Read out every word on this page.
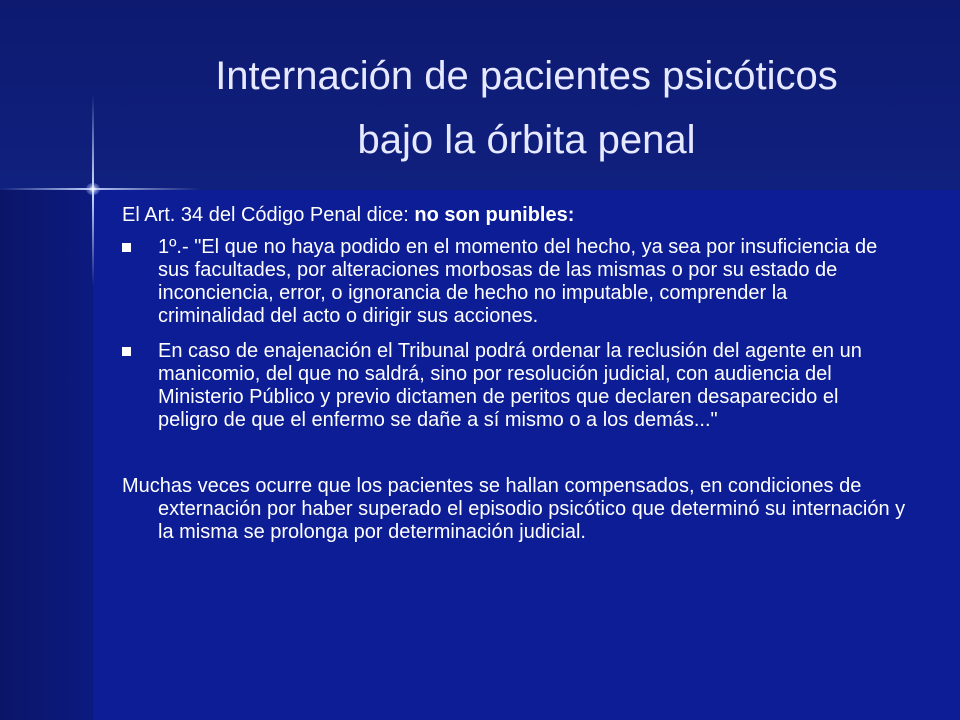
Internación de pacientes psicóticos
bajo la órbita penal

El Art. 34 del Código Penal dice: no son punibles:

1º.- "El que no haya podido en el momento del hecho, ya sea por insuficiencia de sus facultades, por alteraciones morbosas de las mismas o por su estado de inconciencia, error, o ignorancia de hecho no imputable, comprender la criminalidad del acto o dirigir sus acciones.
En caso de enajenación el Tribunal podrá ordenar la reclusión del agente en un manicomio, del que no saldrá, sino por resolución judicial, con audiencia del Ministerio Público y previo dictamen de peritos que declaren desaparecido el peligro de que el enfermo se dañe a sí mismo o a los demás..."

Muchas veces ocurre que los pacientes se hallan compensados, en condiciones de externación por haber superado el episodio psicótico que determinó su internación y la misma se prolonga por determinación judicial.
